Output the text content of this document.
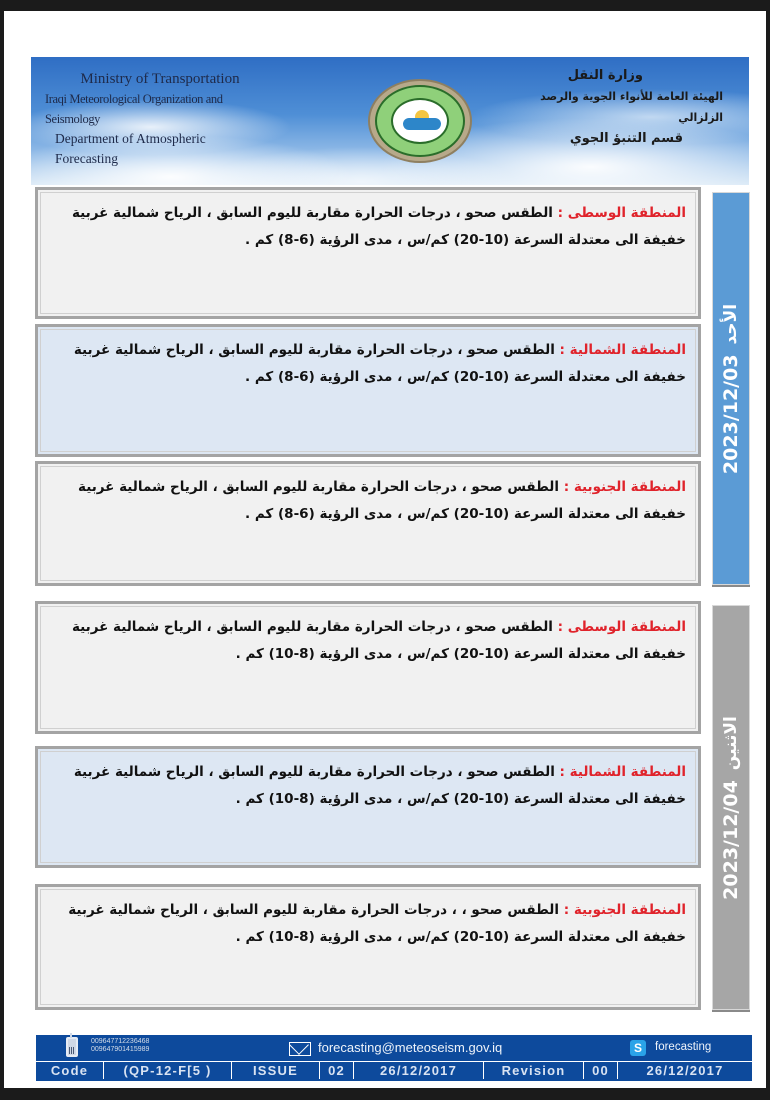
Ministry of Transportation
Iraqi Meteorological Organization and Seismology
Department of Atmospheric Forecasting
وزارة النقل
الهيئة العامة للأنواء الجوية والرصد الزلزالي
قسم التنبؤ الجوي
المنطقة الوسطى : الطقس صحو ، درجات الحرارة مقاربة لليوم السابق ، الرياح شمالية غربية خفيفة الى معتدلة السرعة (10-20) كم/س ، مدى الرؤية (6-8) كم .
المنطقة الشمالية : الطقس صحو ، درجات الحرارة مقاربة لليوم السابق ، الرياح شمالية غربية خفيفة الى معتدلة السرعة (10-20) كم/س ، مدى الرؤية (6-8) كم .
المنطقة الجنوبية : الطقس صحو ، درجات الحرارة مقاربة لليوم السابق ، الرياح شمالية غربية خفيفة الى معتدلة السرعة (10-20) كم/س ، مدى الرؤية (6-8) كم .
2023/12/03
الأحد
المنطقة الوسطى : الطقس صحو ، درجات الحرارة مقاربة لليوم السابق ، الرياح شمالية غربية خفيفة الى معتدلة السرعة (10-20) كم/س ، مدى الرؤية (8-10) كم .
المنطقة الشمالية : الطقس صحو ، درجات الحرارة مقاربة لليوم السابق ، الرياح شمالية غربية خفيفة الى معتدلة السرعة (10-20) كم/س ، مدى الرؤية (8-10) كم .
المنطقة الجنوبية : الطقس صحو ، ، درجات الحرارة مقاربة لليوم السابق ، الرياح شمالية غربية خفيفة الى معتدلة السرعة (10-20) كم/س ، مدى الرؤية (8-10) كم .
2023/12/04
الاثنين
009647712236468
009647901415989	forecasting@meteoseism.gov.iq	S	forecasting
Code	(QP-12-F[5 )	ISSUE	02	26/12/2017	Revision	00	26/12/2017
